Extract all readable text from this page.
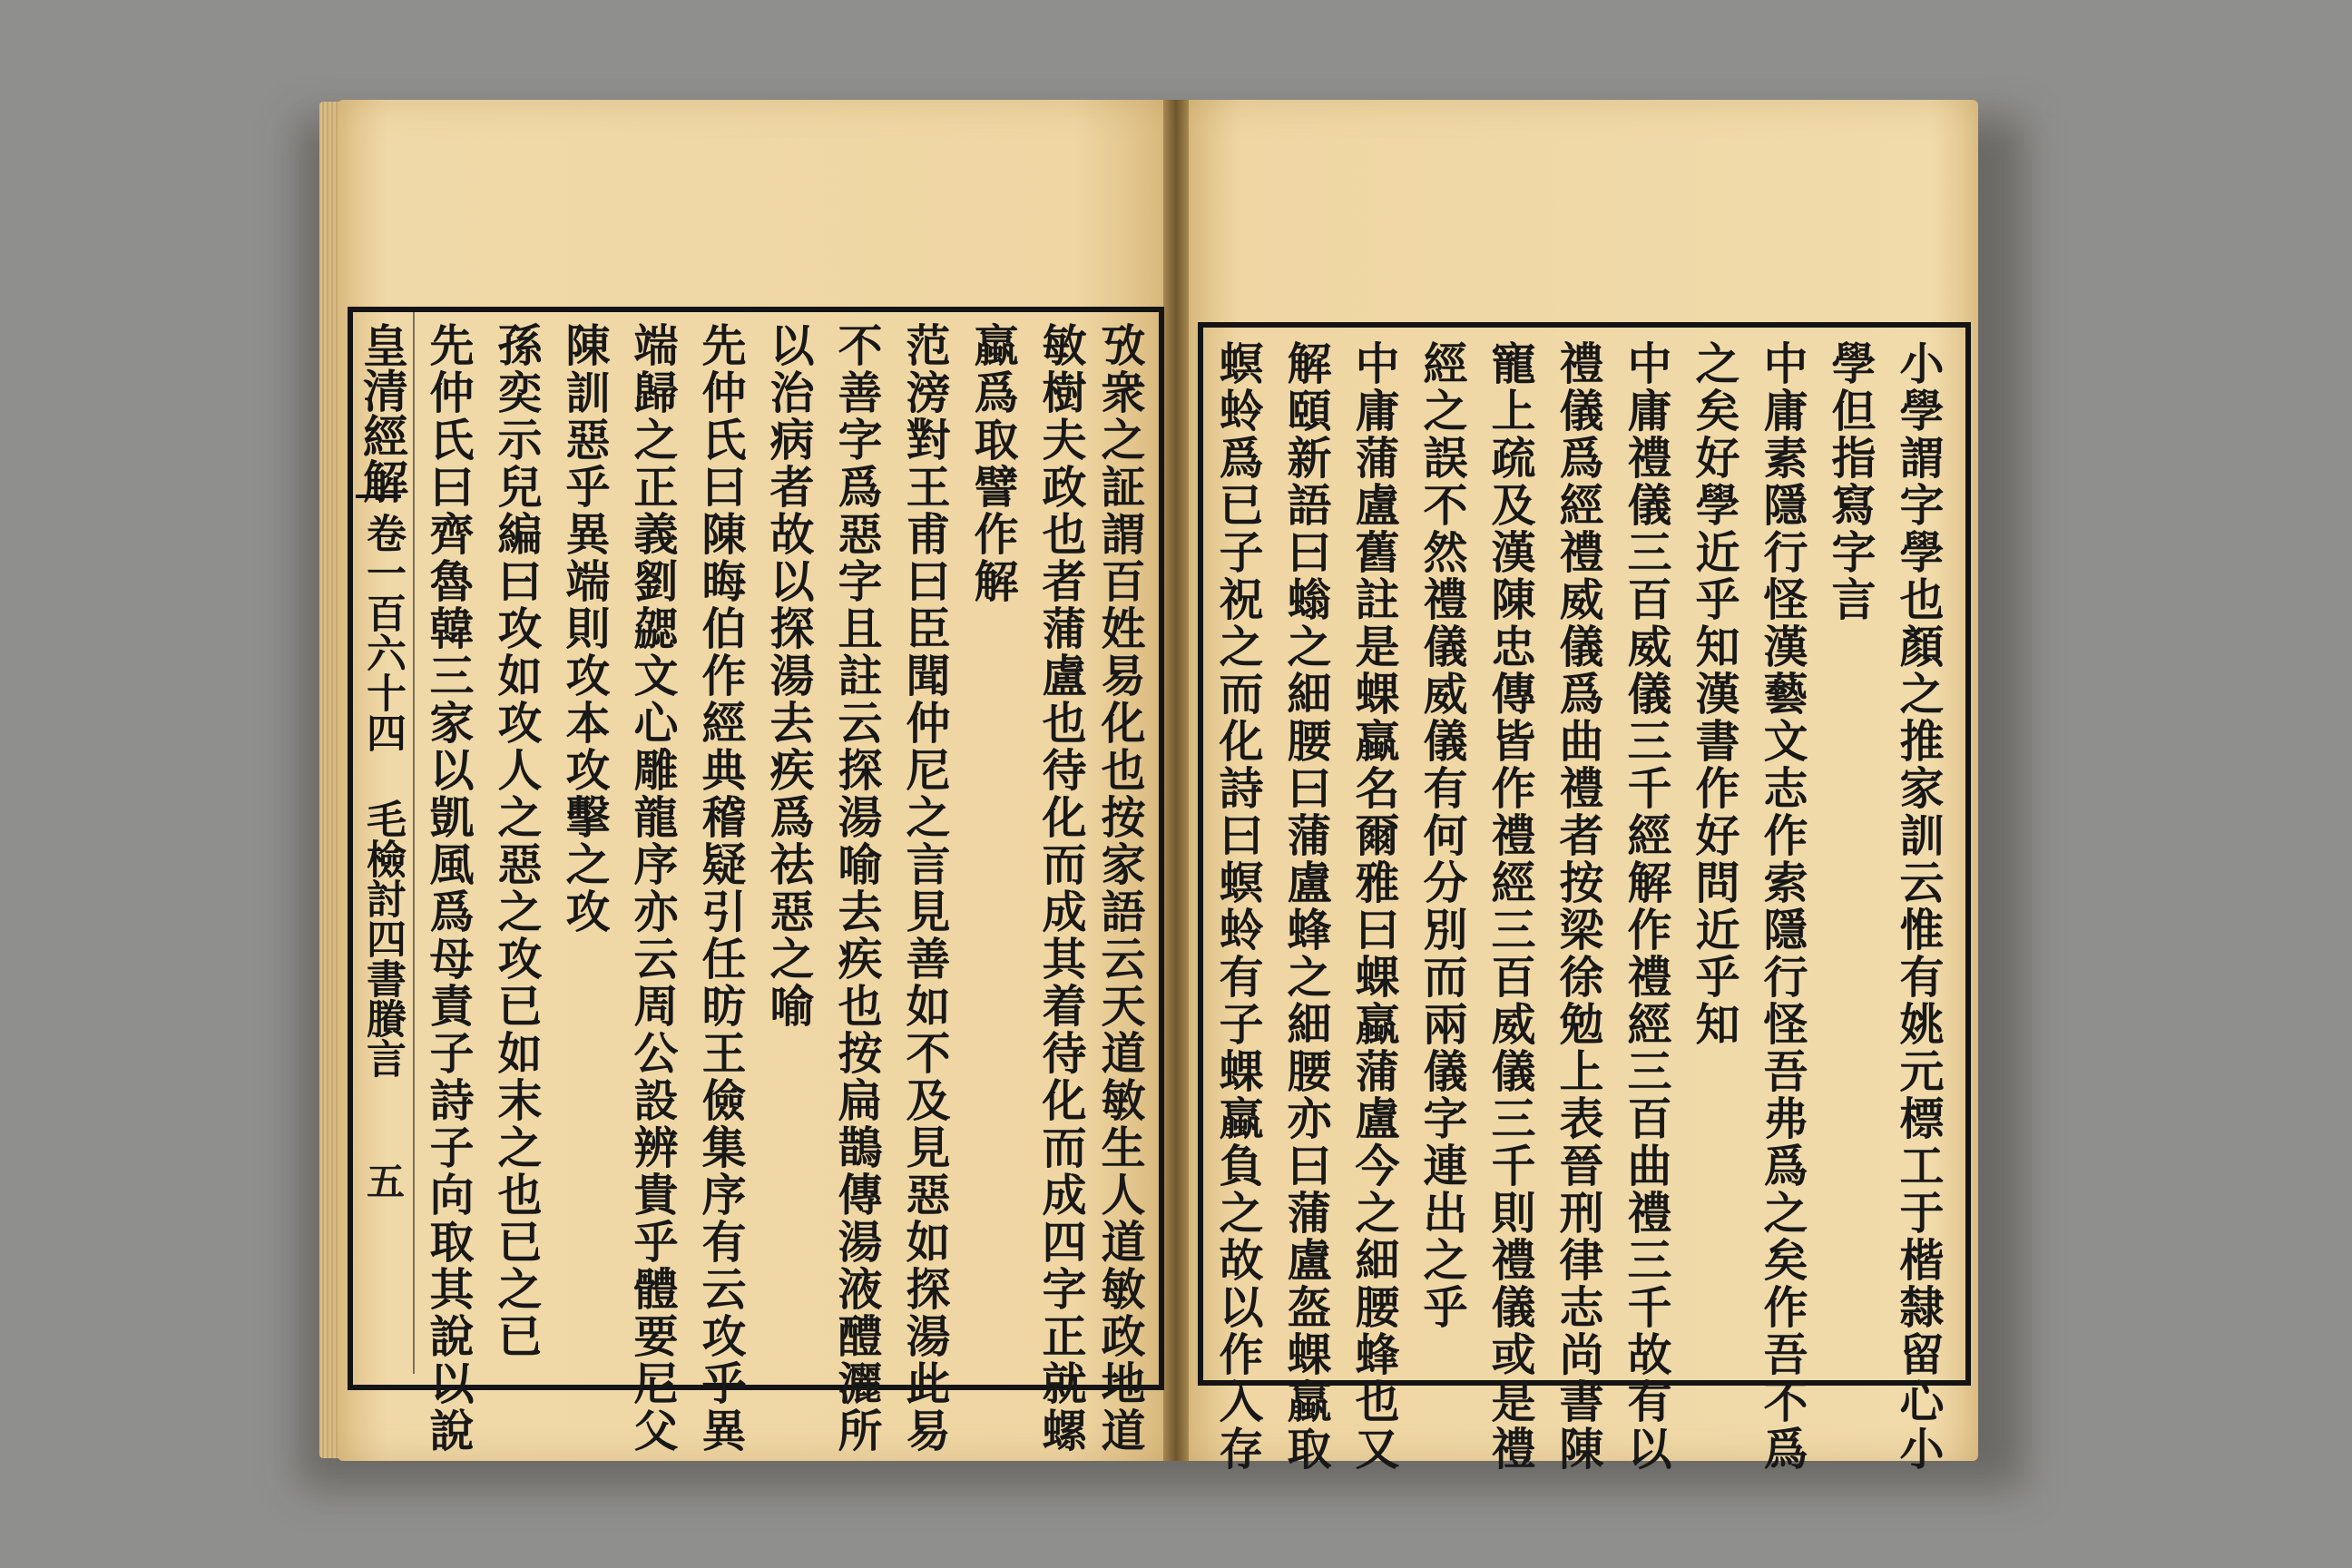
皇清經解
卷一百六十四 毛檢討四書賸言
五 先仲氏曰齊魯韓三家以凱風爲母責子詩子向取其說以說 孫奕示兒編曰攻如攻人之惡之攻已如末之也已之已 陳訓惡乎異端則攻本攻擊之攻 端歸之正義劉勰文心雕龍序亦云周公設辨貴乎體要尼父 先仲氏曰陳晦伯作經典稽疑引任昉王儉集序有云攻乎異 以治病者故以探湯去疾爲祛惡之喻 不善字爲惡字且註云探湯喻去疾也按扁鵲傳湯液醴灑所 范滂對王甫曰臣聞仲尼之言見善如不及見惡如探湯此易 蠃爲取譬作解 敏樹夫政也者蒲盧也待化而成其着待化而成四字正就螺 攷衆之証謂百姓易化也按家語云天道敏生人道敏政地道 螟蛉爲已子祝之而化詩曰螟蛉有子蜾蠃負之故以作入存 解頤新語曰螉之細腰曰蒲盧蜂之細腰亦曰蒲盧盔蜾蠃取 中庸蒲盧舊註是蜾蠃名爾雅曰蜾蠃蒲盧今之細腰蜂也又 經之誤不然禮儀威儀有何分別而兩儀字連出之乎 寵上疏及漢陳忠傳皆作禮經三百威儀三千則禮儀或是禮 禮儀爲經禮威儀爲曲禮者按梁徐勉上表晉刑律志尚書陳 中庸禮儀三百威儀三千經解作禮經三百曲禮三千故有以 之矣好學近乎知漢書作好問近乎知 中庸素隱行怪漢藝文志作索隱行怪吾弗爲之矣作吾不爲 學但指寫字言 小學謂字學也顏之推家訓云惟有姚元標工于楷隸留心小
